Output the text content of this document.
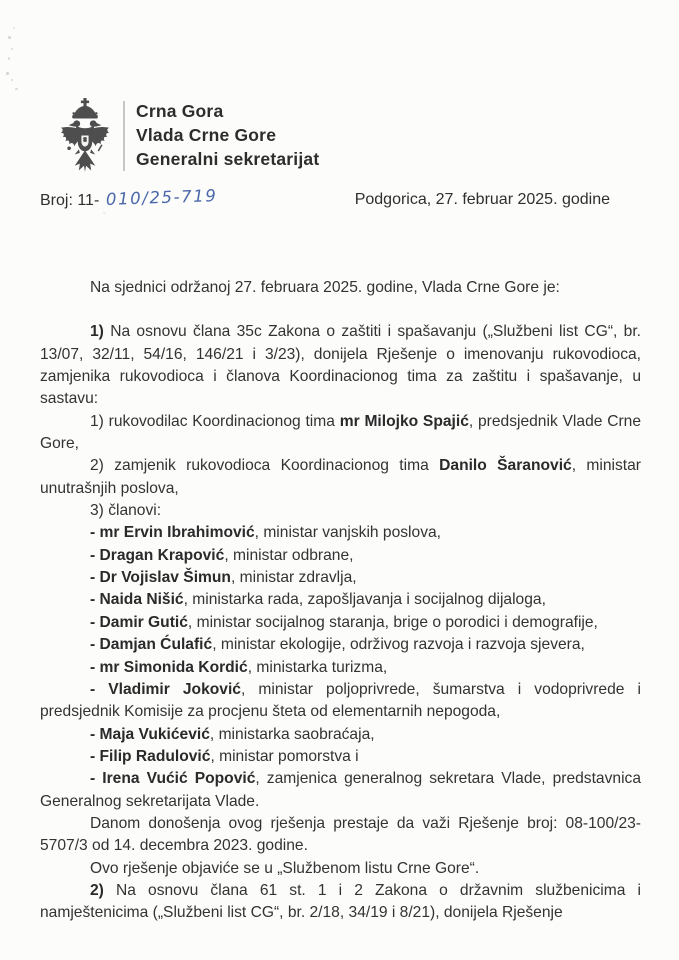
Crna Gora
Vlada Crne Gore
Generalni sekretarijat
Broj: 11- 010/25-719	Podgorica, 27. februar 2025. godine

Na sjednici održanoj 27. februara 2025. godine, Vlada Crne Gore je:

1) Na osnovu člana 35c Zakona o zaštiti i spašavanju („Službeni list CG“, br. 13/07, 32/11, 54/16, 146/21 i 3/23), donijela Rješenje o imenovanju rukovodioca, zamjenika rukovodioca i članova Koordinacionog tima za zaštitu i spašavanje, u sastavu:

1) rukovodilac Koordinacionog tima mr Milojko Spajić, predsjednik Vlade Crne Gore,

2) zamjenik rukovodioca Koordinacionog tima Danilo Šaranović, ministar unutrašnjih poslova,

3) članovi:

- mr Ervin Ibrahimović, ministar vanjskih poslova,

- Dragan Krapović, ministar odbrane,

- Dr Vojislav Šimun, ministar zdravlja,

- Naida Nišić, ministarka rada, zapošljavanja i socijalnog dijaloga,

- Damir Gutić, ministar socijalnog staranja, brige o porodici i demografije,

- Damjan Ćulafić, ministar ekologije, održivog razvoja i razvoja sjevera,

- mr Simonida Kordić, ministarka turizma,

- Vladimir Joković, ministar poljoprivrede, šumarstva i vodoprivrede i predsjednik Komisije za procjenu šteta od elementarnih nepogoda,

- Maja Vukićević, ministarka saobraćaja,

- Filip Radulović, ministar pomorstva i

- Irena Vućić Popović, zamjenica generalnog sekretara Vlade, predstavnica Generalnog sekretarijata Vlade.

Danom donošenja ovog rješenja prestaje da važi Rješenje broj: 08-100/23-5707/3 od 14. decembra 2023. godine.

Ovo rješenje objaviće se u „Službenom listu Crne Gore“.

2) Na osnovu člana 61 st. 1 i 2 Zakona o državnim službenicima i namještenicima („Službeni list CG“, br. 2/18, 34/19 i 8/21), donijela Rješenje
